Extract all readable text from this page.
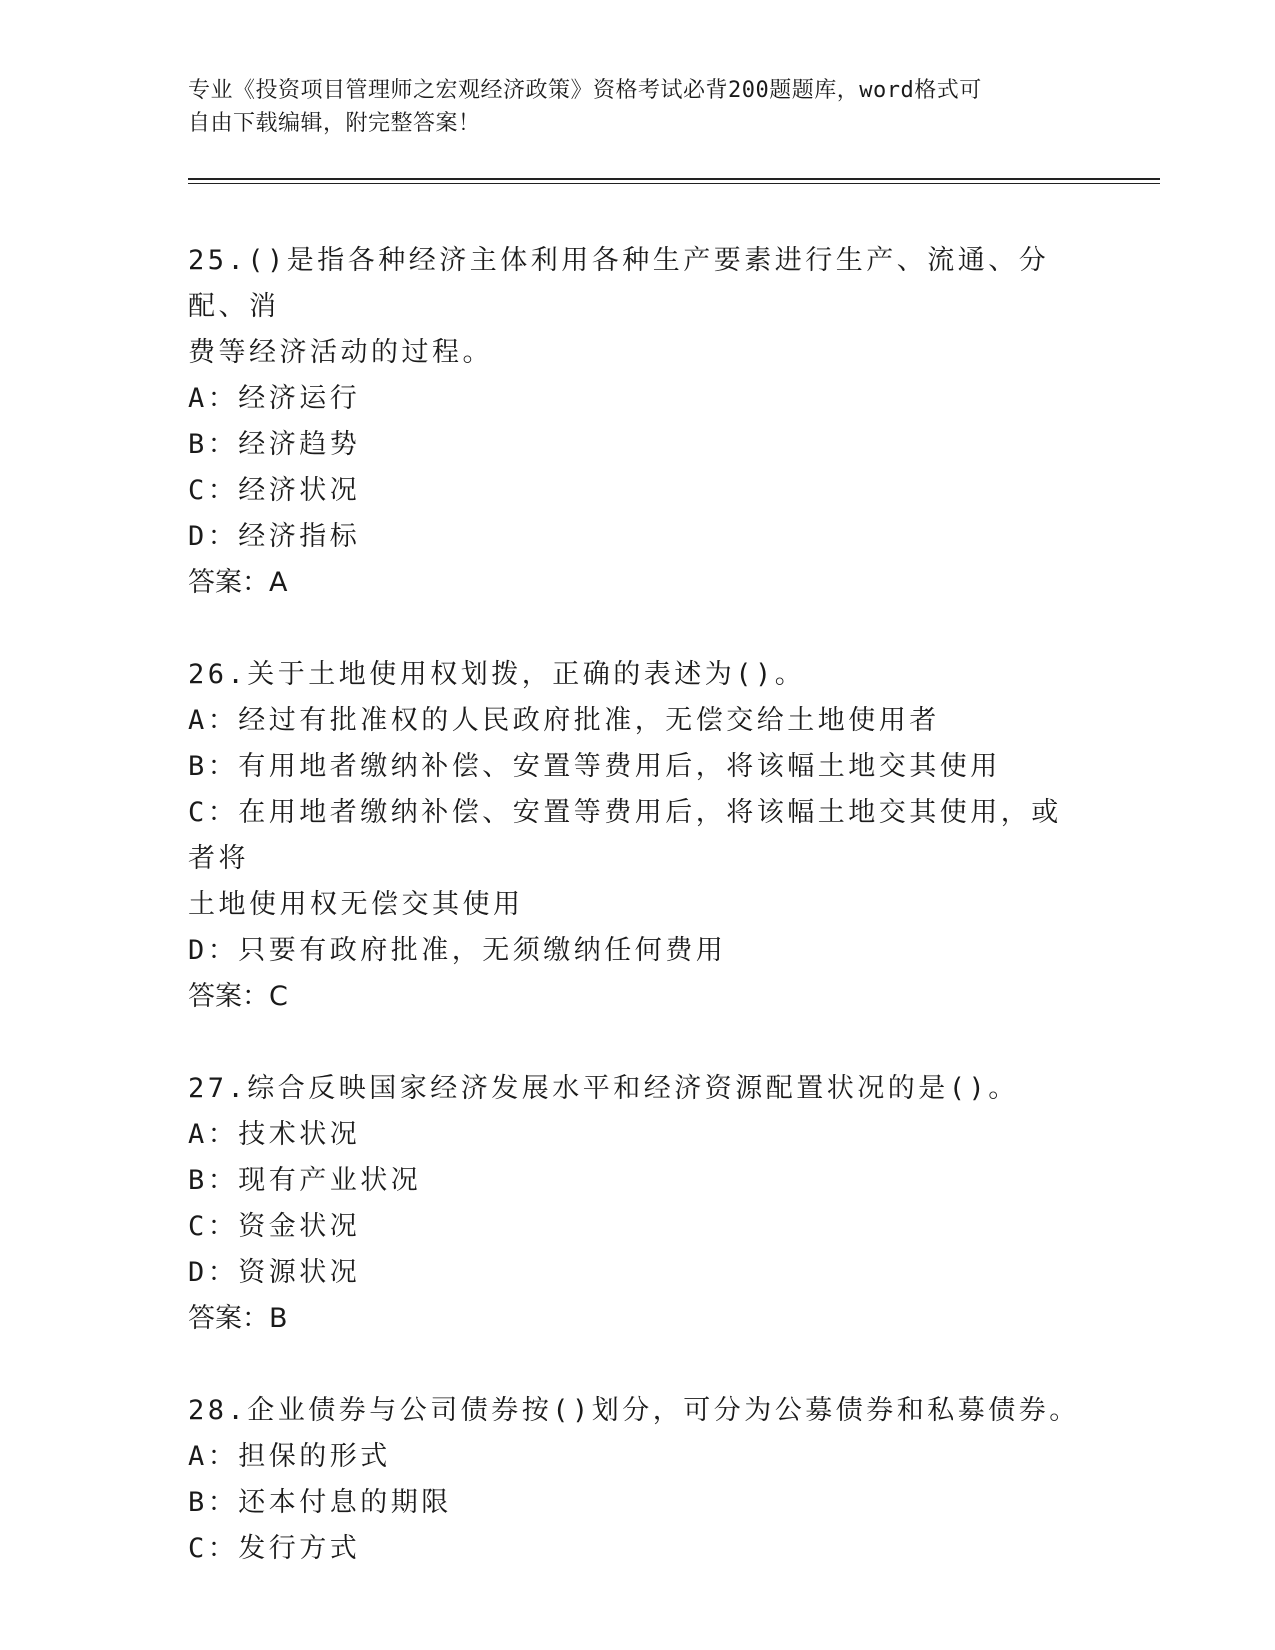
专业《投资项目管理师之宏观经济政策》资格考试必背200题题库，word格式可
自由下载编辑，附完整答案！

25.()是指各种经济主体利用各种生产要素进行生产、流通、分配、消

费等经济活动的过程。

A：经济运行

B：经济趋势

C：经济状况

D：经济指标

答案：A

26.关于土地使用权划拨，正确的表述为()。

A：经过有批准权的人民政府批准，无偿交给土地使用者

B：有用地者缴纳补偿、安置等费用后，将该幅土地交其使用

C：在用地者缴纳补偿、安置等费用后，将该幅土地交其使用，或者将

土地使用权无偿交其使用

D：只要有政府批准，无须缴纳任何费用

答案：C

27.综合反映国家经济发展水平和经济资源配置状况的是()。

A：技术状况

B：现有产业状况

C：资金状况

D：资源状况

答案：B

28.企业债券与公司债券按()划分，可分为公募债券和私募债券。

A：担保的形式

B：还本付息的期限

C：发行方式
